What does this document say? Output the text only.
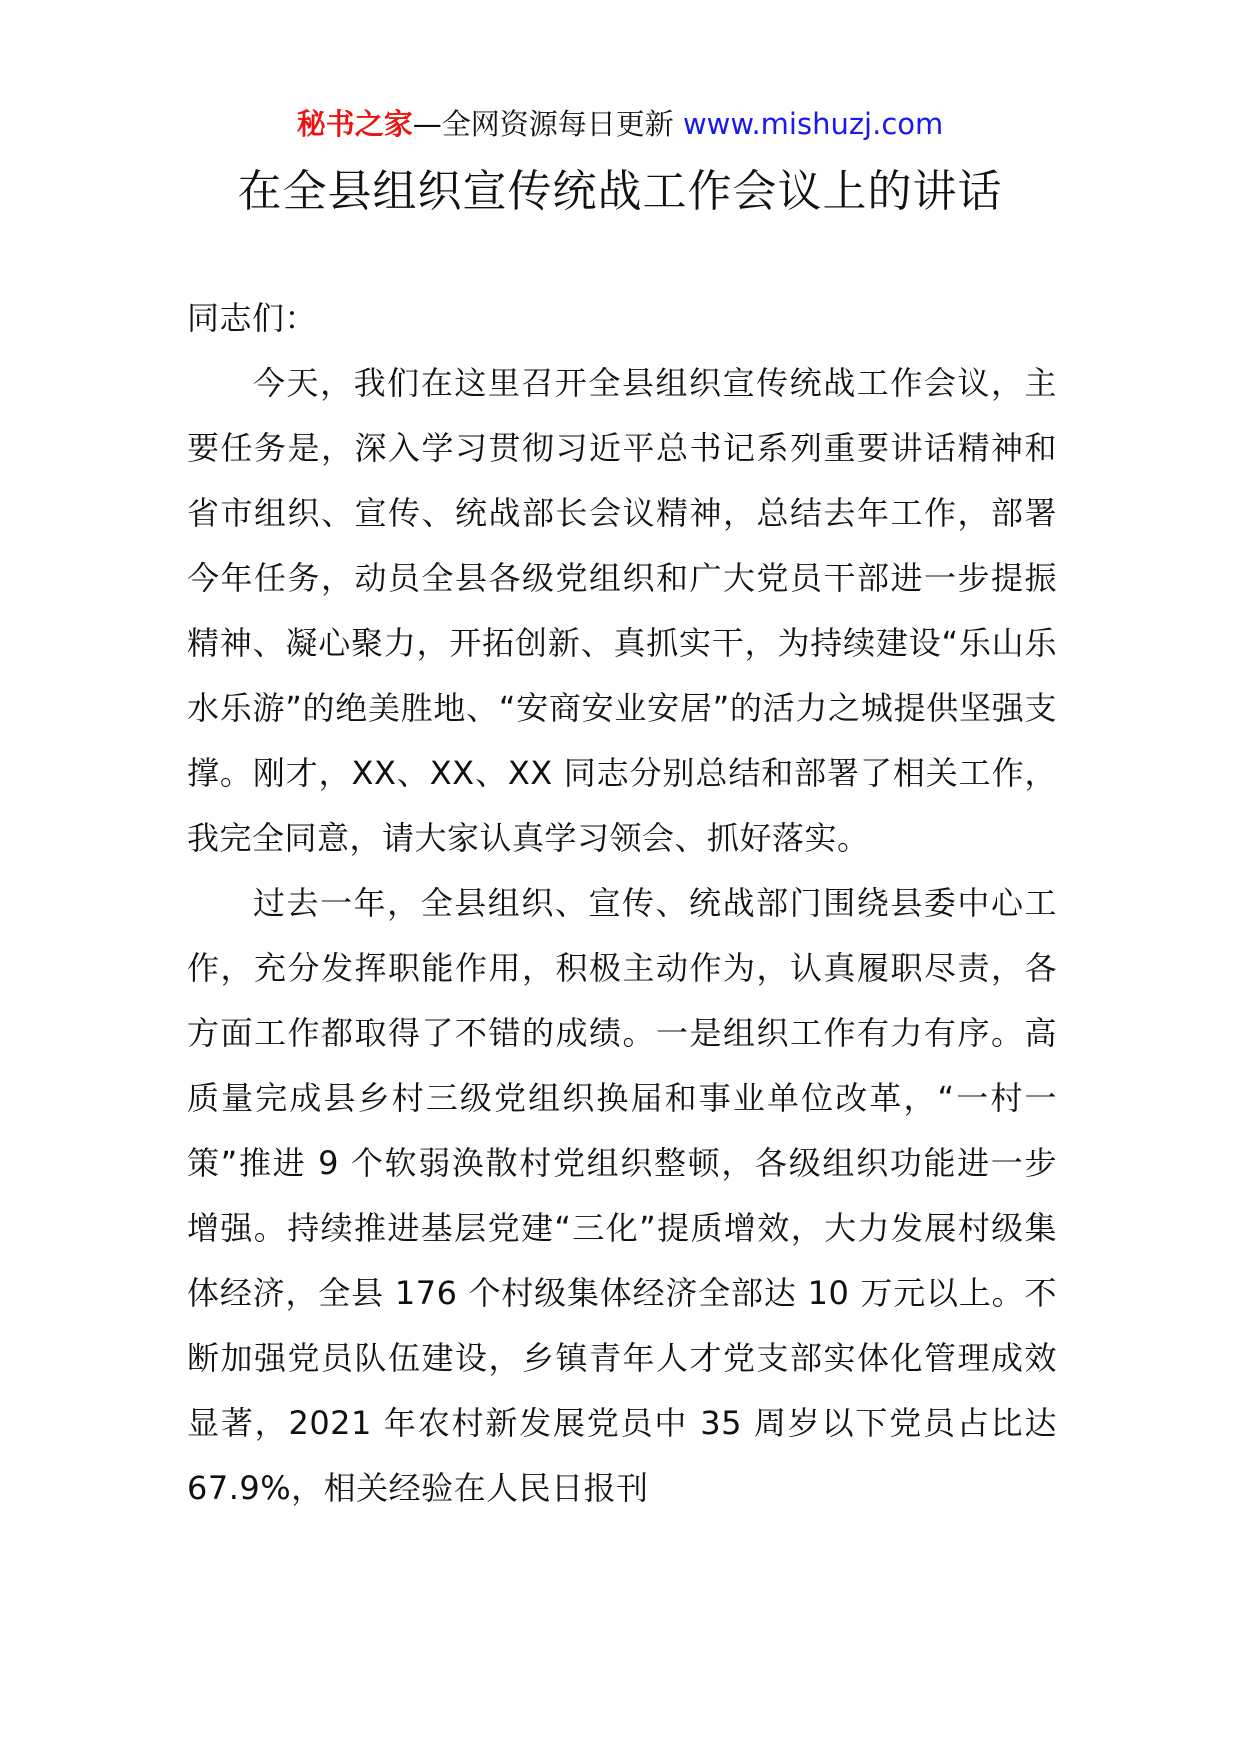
秘书之家—全网资源每日更新 www.mishuzj.com
在全县组织宣传统战工作会议上的讲话

同志们：

今天，我们在这里召开全县组织宣传统战工作会议，主要任务是，深入学习贯彻习近平总书记系列重要讲话精神和省市组织、宣传、统战部长会议精神，总结去年工作，部署今年任务，动员全县各级党组织和广大党员干部进一步提振精神、凝心聚力，开拓创新、真抓实干，为持续建设“乐山乐水乐游”的绝美胜地、“安商安业安居”的活力之城提供坚强支撑。刚才，XX、XX、XX 同志分别总结和部署了相关工作，我完全同意，请大家认真学习领会、抓好落实。

过去一年，全县组织、宣传、统战部门围绕县委中心工作，充分发挥职能作用，积极主动作为，认真履职尽责，各方面工作都取得了不错的成绩。一是组织工作有力有序。高质量完成县乡村三级党组织换届和事业单位改革，“一村一策”推进 9 个软弱涣散村党组织整顿，各级组织功能进一步增强。持续推进基层党建“三化”提质增效，大力发展村级集体经济，全县 176 个村级集体经济全部达 10 万元以上。不断加强党员队伍建设，乡镇青年人才党支部实体化管理成效显著，2021 年农村新发展党员中 35 周岁以下党员占比达 67.9%，相关经验在人民日报刊
